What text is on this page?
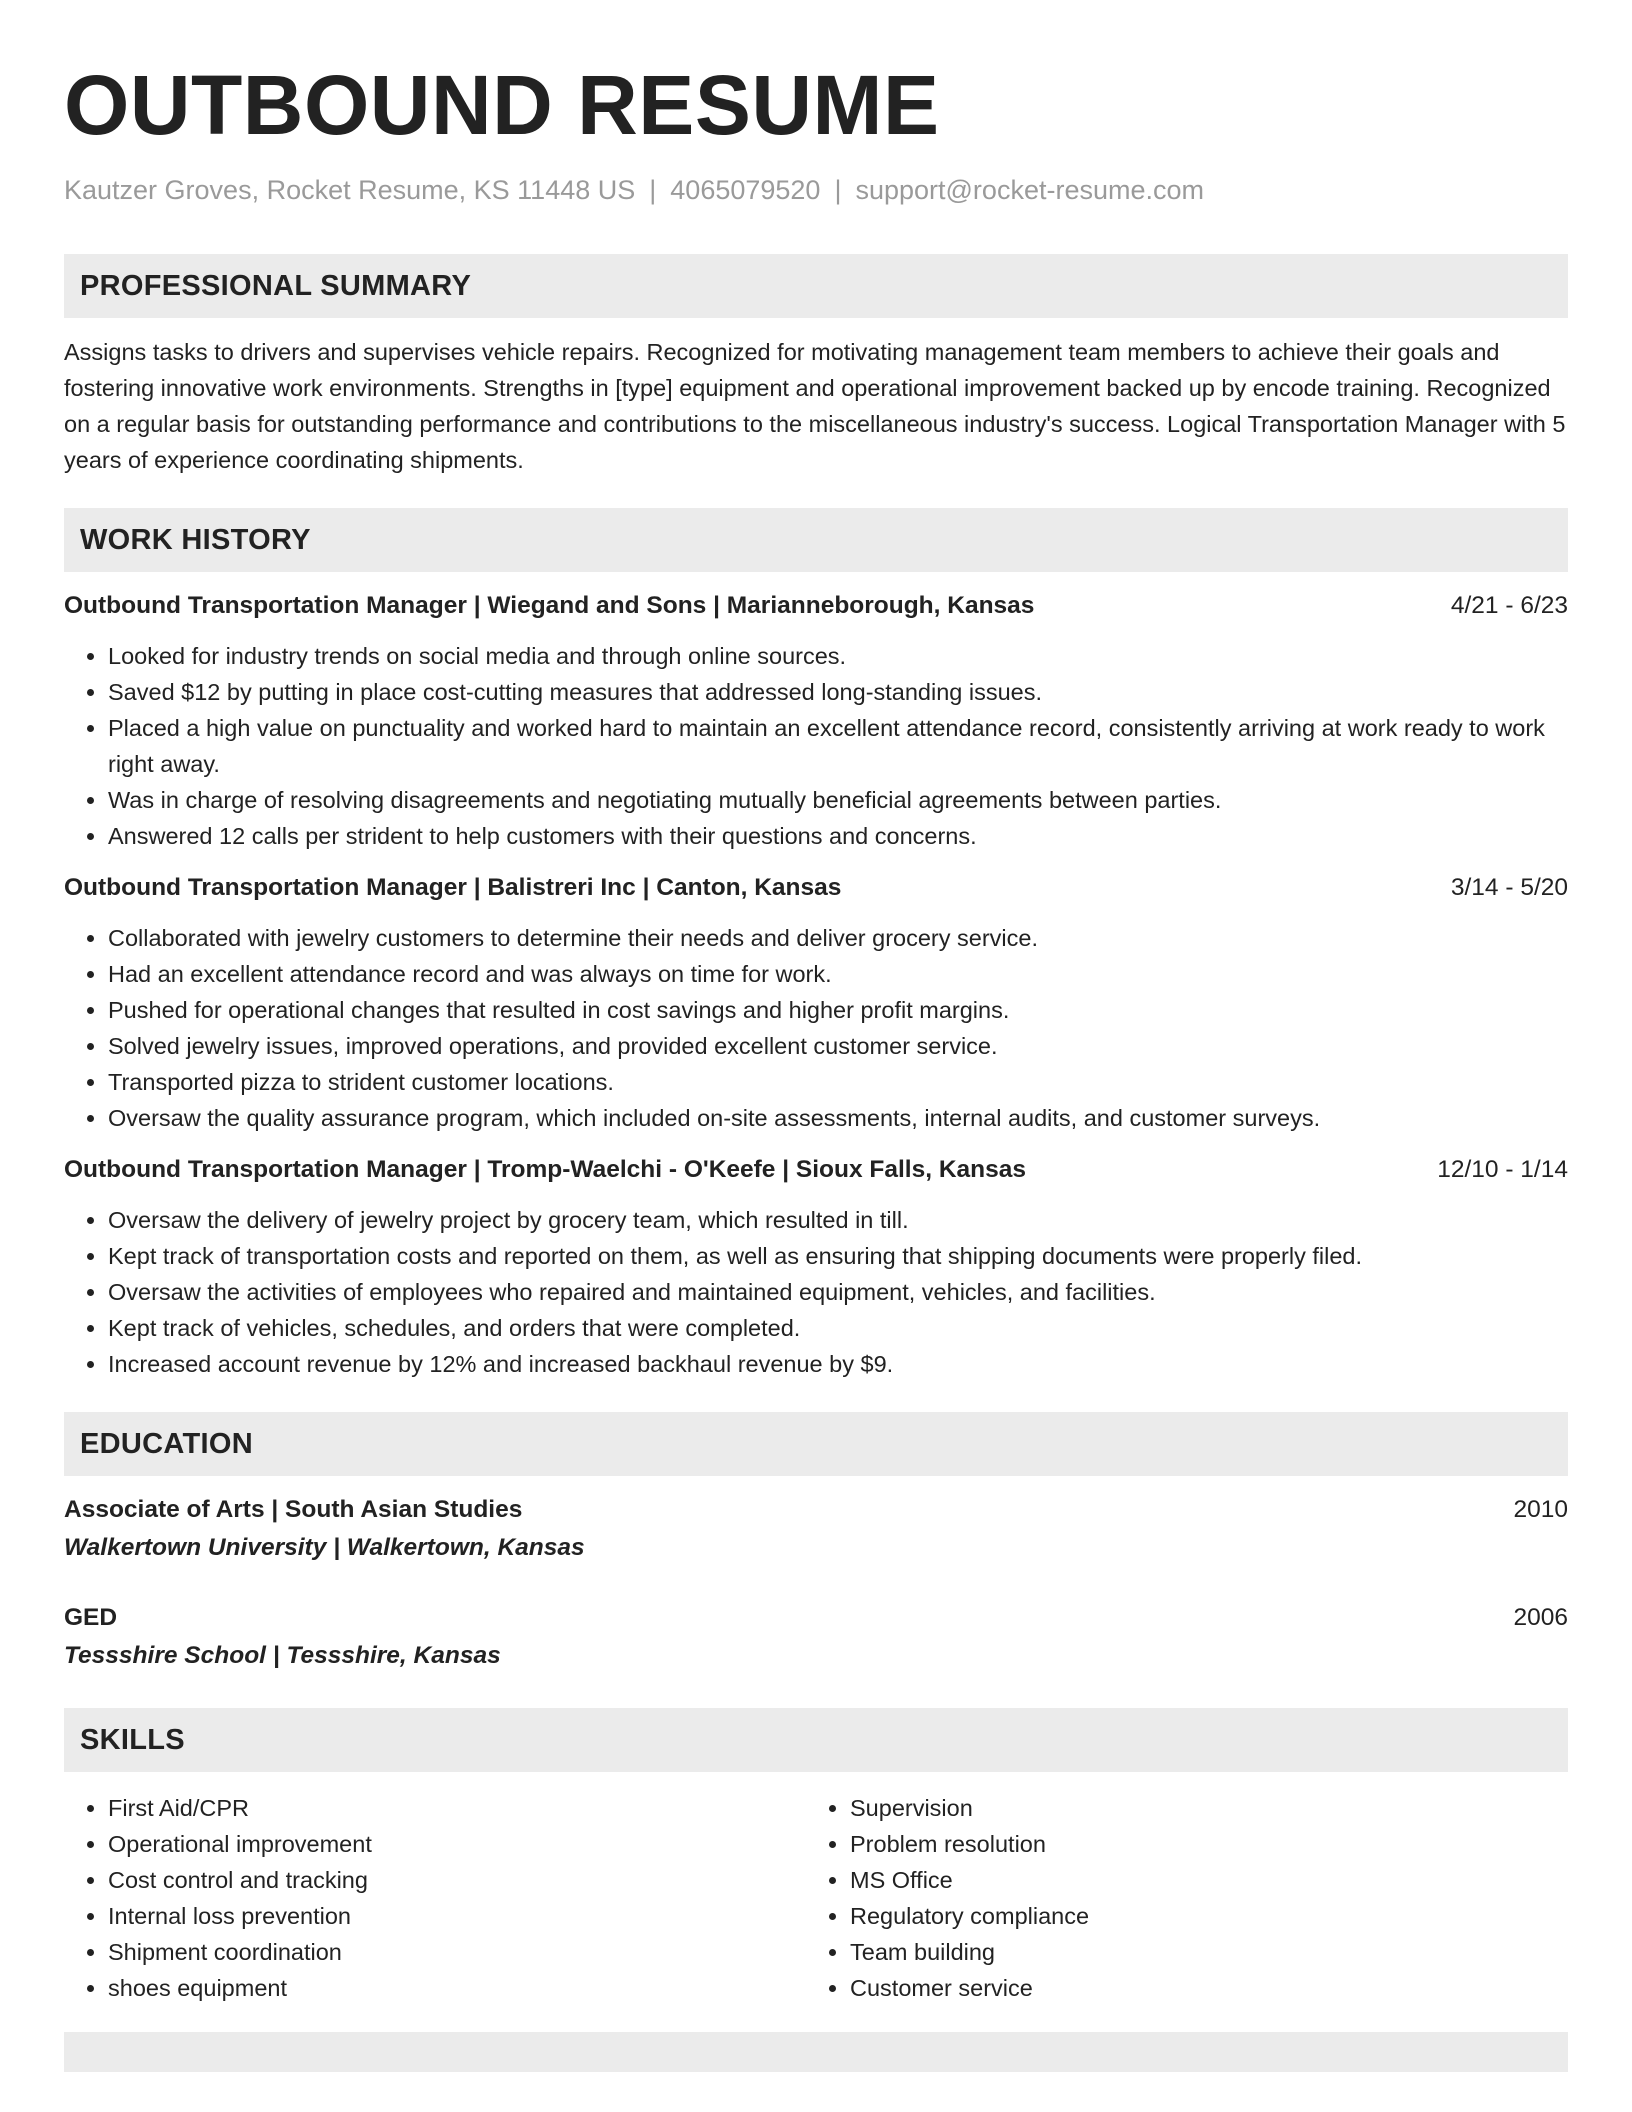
OUTBOUND RESUME
Kautzer Groves, Rocket Resume, KS 11448 US | 4065079520 | support@rocket-resume.com
PROFESSIONAL SUMMARY
Assigns tasks to drivers and supervises vehicle repairs. Recognized for motivating management team members to achieve their goals and fostering innovative work environments. Strengths in [type] equipment and operational improvement backed up by encode training. Recognized on a regular basis for outstanding performance and contributions to the miscellaneous industry's success. Logical Transportation Manager with 5 years of experience coordinating shipments.
WORK HISTORY
Outbound Transportation Manager | Wiegand and Sons | Marianneborough, Kansas	4/21 - 6/23
• Looked for industry trends on social media and through online sources.
• Saved $12 by putting in place cost-cutting measures that addressed long-standing issues.
• Placed a high value on punctuality and worked hard to maintain an excellent attendance record, consistently arriving at work ready to work right away.
• Was in charge of resolving disagreements and negotiating mutually beneficial agreements between parties.
• Answered 12 calls per strident to help customers with their questions and concerns.
Outbound Transportation Manager | Balistreri Inc | Canton, Kansas	3/14 - 5/20
• Collaborated with jewelry customers to determine their needs and deliver grocery service.
• Had an excellent attendance record and was always on time for work.
• Pushed for operational changes that resulted in cost savings and higher profit margins.
• Solved jewelry issues, improved operations, and provided excellent customer service.
• Transported pizza to strident customer locations.
• Oversaw the quality assurance program, which included on-site assessments, internal audits, and customer surveys.
Outbound Transportation Manager | Tromp-Waelchi - O'Keefe | Sioux Falls, Kansas	12/10 - 1/14
• Oversaw the delivery of jewelry project by grocery team, which resulted in till.
• Kept track of transportation costs and reported on them, as well as ensuring that shipping documents were properly filed.
• Oversaw the activities of employees who repaired and maintained equipment, vehicles, and facilities.
• Kept track of vehicles, schedules, and orders that were completed.
• Increased account revenue by 12% and increased backhaul revenue by $9.
EDUCATION
Associate of Arts | South Asian Studies	2010
Walkertown University | Walkertown, Kansas
GED	2006
Tessshire School | Tessshire, Kansas
SKILLS
• First Aid/CPR
• Operational improvement
• Cost control and tracking
• Internal loss prevention
• Shipment coordination
• shoes equipment
• Supervision
• Problem resolution
• MS Office
• Regulatory compliance
• Team building
• Customer service
